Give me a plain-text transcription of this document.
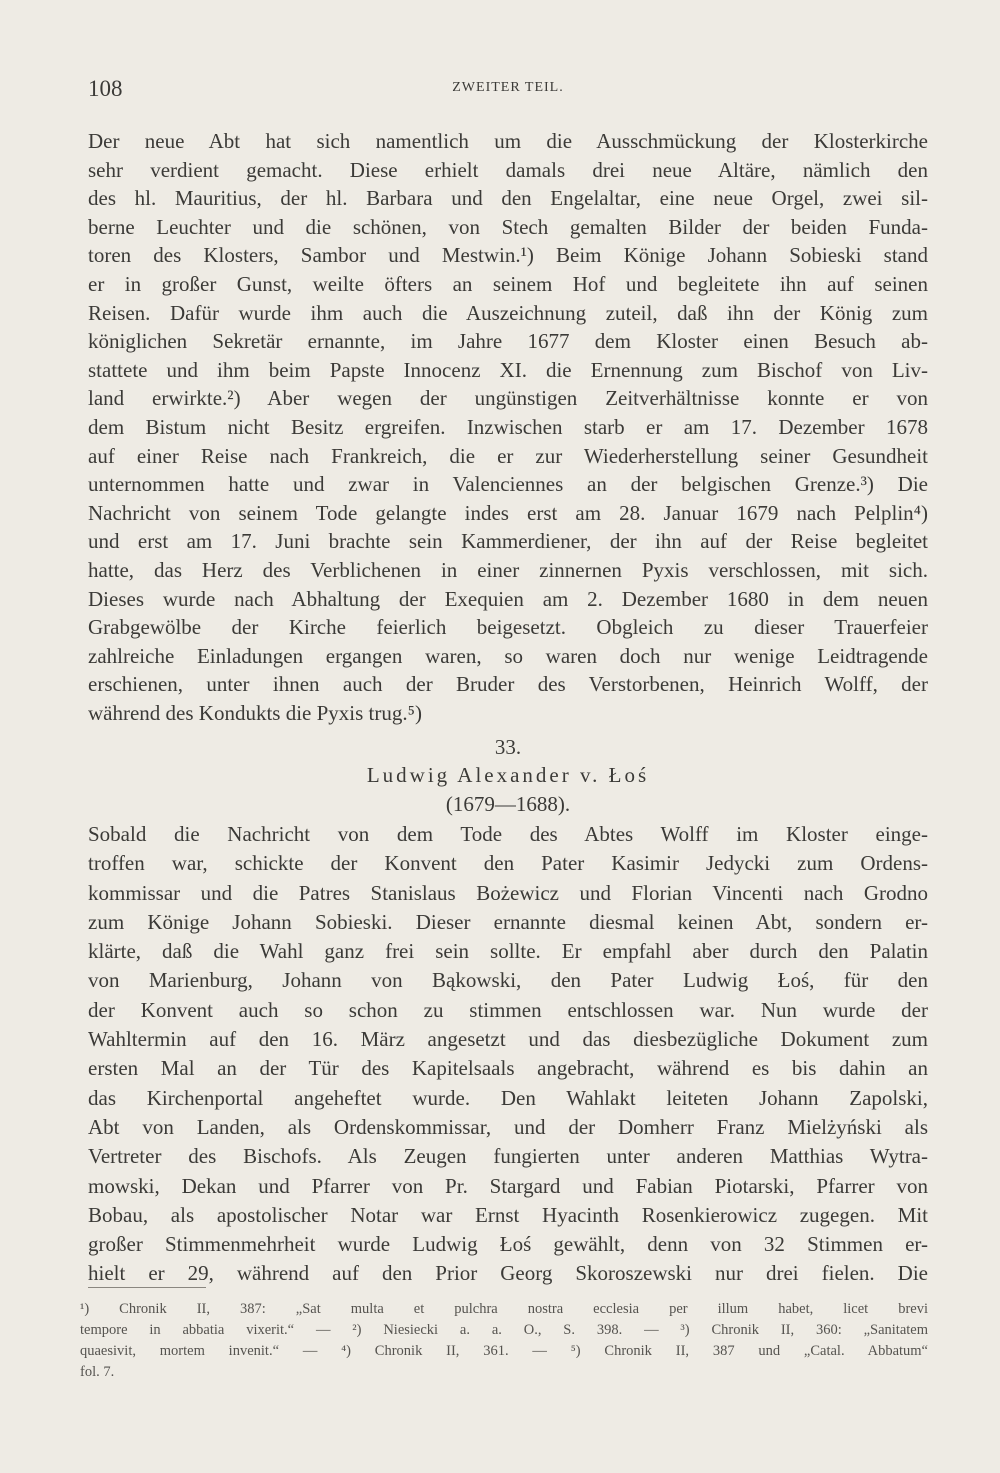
108	ZWEITER TEIL.
Der neue Abt hat sich namentlich um die Ausschmückung der Klosterkirche
sehr verdient gemacht. Diese erhielt damals drei neue Altäre, nämlich den
des hl. Mauritius, der hl. Barbara und den Engelaltar, eine neue Orgel, zwei sil-
berne Leuchter und die schönen, von Stech gemalten Bilder der beiden Funda-
toren des Klosters, Sambor und Mestwin.¹) Beim Könige Johann Sobieski stand
er in großer Gunst, weilte öfters an seinem Hof und begleitete ihn auf seinen
Reisen. Dafür wurde ihm auch die Auszeichnung zuteil, daß ihn der König zum
königlichen Sekretär ernannte, im Jahre 1677 dem Kloster einen Besuch ab-
stattete und ihm beim Papste Innocenz XI. die Ernennung zum Bischof von Liv-
land erwirkte.²) Aber wegen der ungünstigen Zeitverhältnisse konnte er von
dem Bistum nicht Besitz ergreifen. Inzwischen starb er am 17. Dezember 1678
auf einer Reise nach Frankreich, die er zur Wiederherstellung seiner Gesundheit
unternommen hatte und zwar in Valenciennes an der belgischen Grenze.³) Die
Nachricht von seinem Tode gelangte indes erst am 28. Januar 1679 nach Pelplin⁴)
und erst am 17. Juni brachte sein Kammerdiener, der ihn auf der Reise begleitet
hatte, das Herz des Verblichenen in einer zinnernen Pyxis verschlossen, mit sich.
Dieses wurde nach Abhaltung der Exequien am 2. Dezember 1680 in dem neuen
Grabgewölbe der Kirche feierlich beigesetzt. Obgleich zu dieser Trauerfeier
zahlreiche Einladungen ergangen waren, so waren doch nur wenige Leidtragende
erschienen, unter ihnen auch der Bruder des Verstorbenen, Heinrich Wolff, der
während des Kondukts die Pyxis trug.⁵)
33.
Ludwig Alexander v. Łoś
(1679—1688).
Sobald die Nachricht von dem Tode des Abtes Wolff im Kloster einge-
troffen war, schickte der Konvent den Pater Kasimir Jedycki zum Ordens-
kommissar und die Patres Stanislaus Bożewicz und Florian Vincenti nach Grodno
zum Könige Johann Sobieski. Dieser ernannte diesmal keinen Abt, sondern er-
klärte, daß die Wahl ganz frei sein sollte. Er empfahl aber durch den Palatin
von Marienburg, Johann von Bąkowski, den Pater Ludwig Łoś, für den
der Konvent auch so schon zu stimmen entschlossen war. Nun wurde der
Wahltermin auf den 16. März angesetzt und das diesbezügliche Dokument zum
ersten Mal an der Tür des Kapitelsaals angebracht, während es bis dahin an
das Kirchenportal angeheftet wurde. Den Wahlakt leiteten Johann Zapolski,
Abt von Landen, als Ordenskommissar, und der Domherr Franz Mielżyński als
Vertreter des Bischofs. Als Zeugen fungierten unter anderen Matthias Wytra-
mowski, Dekan und Pfarrer von Pr. Stargard und Fabian Piotarski, Pfarrer von
Bobau, als apostolischer Notar war Ernst Hyacinth Rosenkierowicz zugegen. Mit
großer Stimmenmehrheit wurde Ludwig Łoś gewählt, denn von 32 Stimmen er-
hielt er 29, während auf den Prior Georg Skoroszewski nur drei fielen. Die
¹) Chronik II, 387: „Sat multa et pulchra nostra ecclesia per illum habet, licet brevi
tempore in abbatia vixerit.“ — ²) Niesiecki a. a. O., S. 398. — ³) Chronik II, 360: „Sanitatem
quaesivit, mortem invenit.“ — ⁴) Chronik II, 361. — ⁵) Chronik II, 387 und „Catal. Abbatum“
fol. 7.
